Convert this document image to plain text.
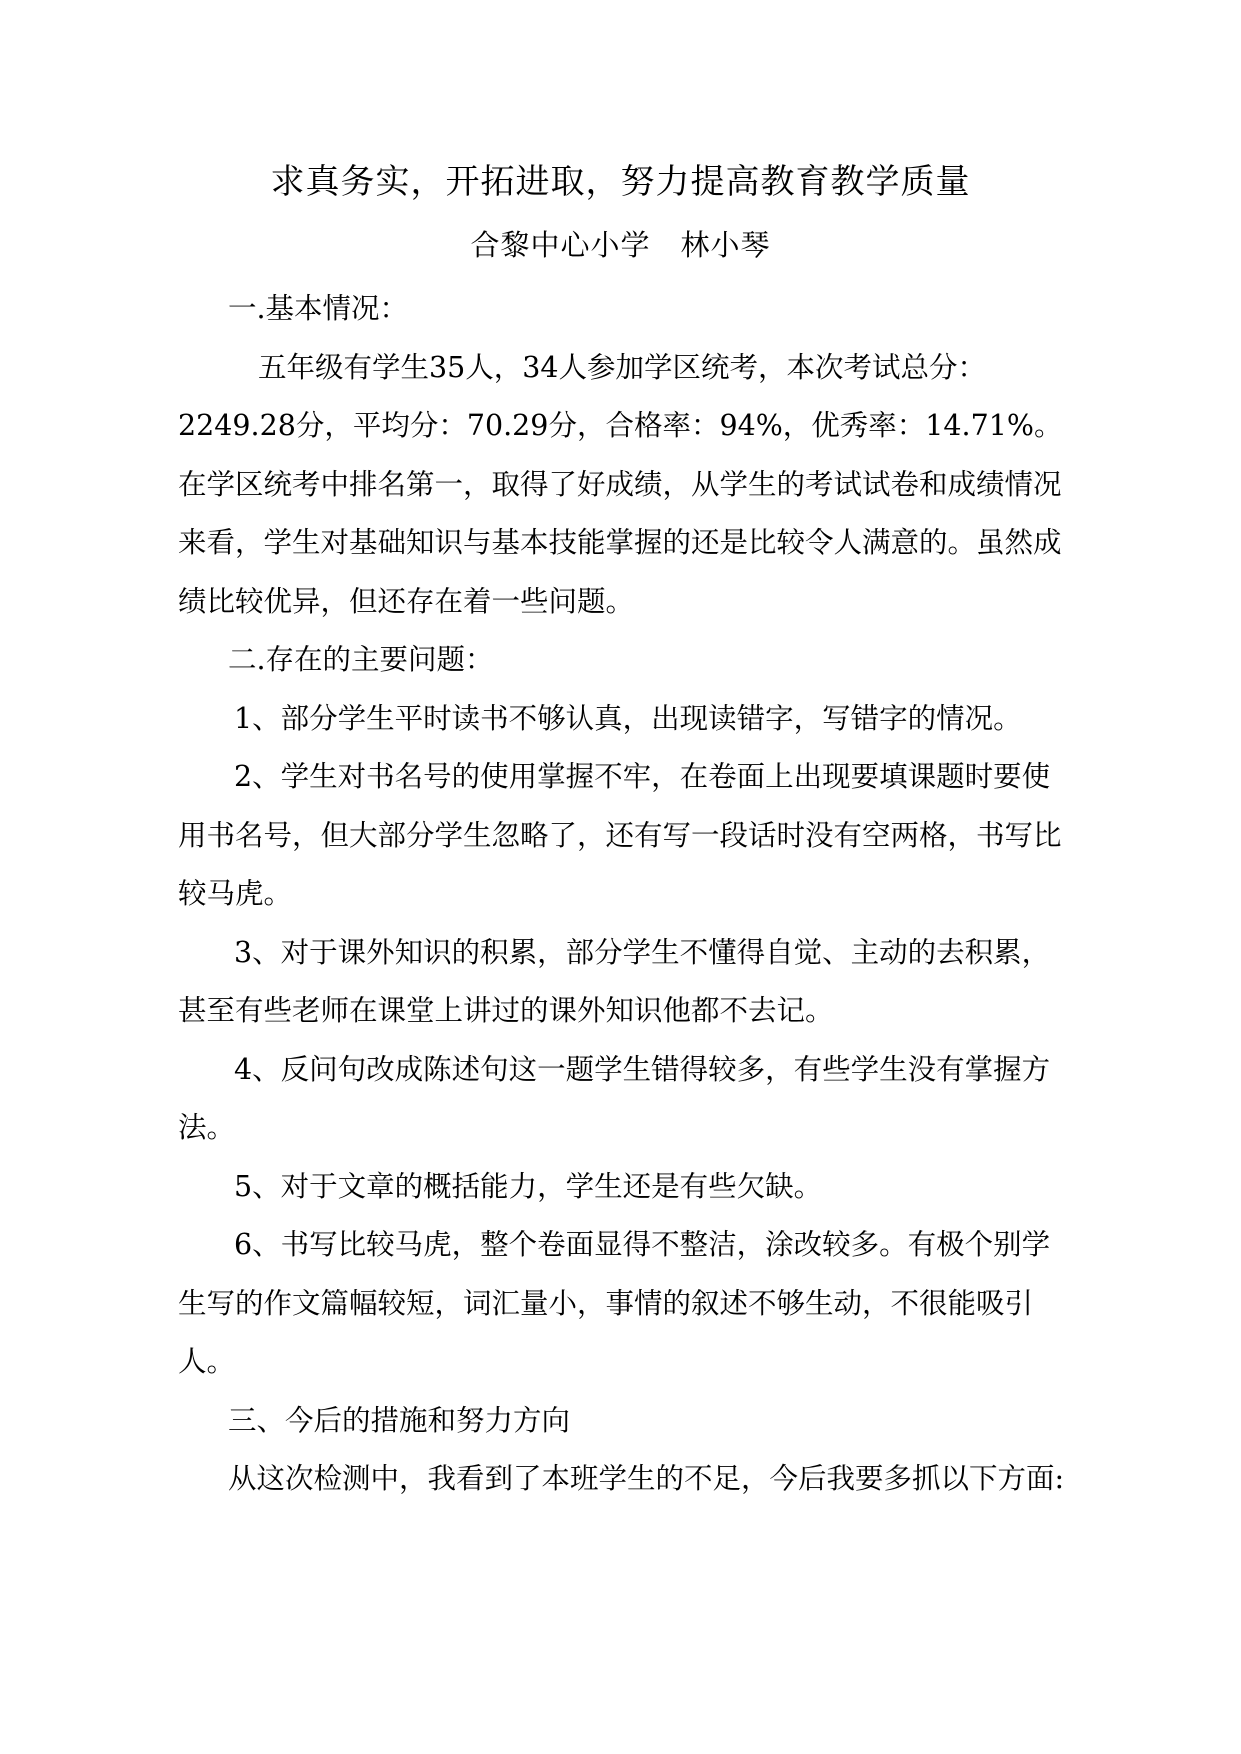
求真务实，开拓进取，努力提高教育教学质量
合黎中心小学 林小琴

一.基本情况：

五年级有学生35人，34人参加学区统考，本次考试总分：2249.28分，平均分：70.29分，合格率：94%，优秀率：14.71%。在学区统考中排名第一，取得了好成绩，从学生的考试试卷和成绩情况来看，学生对基础知识与基本技能掌握的还是比较令人满意的。虽然成绩比较优异，但还存在着一些问题。

二.存在的主要问题：

1、部分学生平时读书不够认真，出现读错字，写错字的情况。

2、学生对书名号的使用掌握不牢，在卷面上出现要填课题时要使用书名号，但大部分学生忽略了，还有写一段话时没有空两格，书写比较马虎。

3、对于课外知识的积累，部分学生不懂得自觉、主动的去积累，甚至有些老师在课堂上讲过的课外知识他都不去记。

4、反问句改成陈述句这一题学生错得较多，有些学生没有掌握方法。

5、对于文章的概括能力，学生还是有些欠缺。

6、书写比较马虎，整个卷面显得不整洁，涂改较多。有极个别学生写的作文篇幅较短，词汇量小，事情的叙述不够生动，不很能吸引人。

三、今后的措施和努力方向

从这次检测中，我看到了本班学生的不足，今后我要多抓以下方面:
